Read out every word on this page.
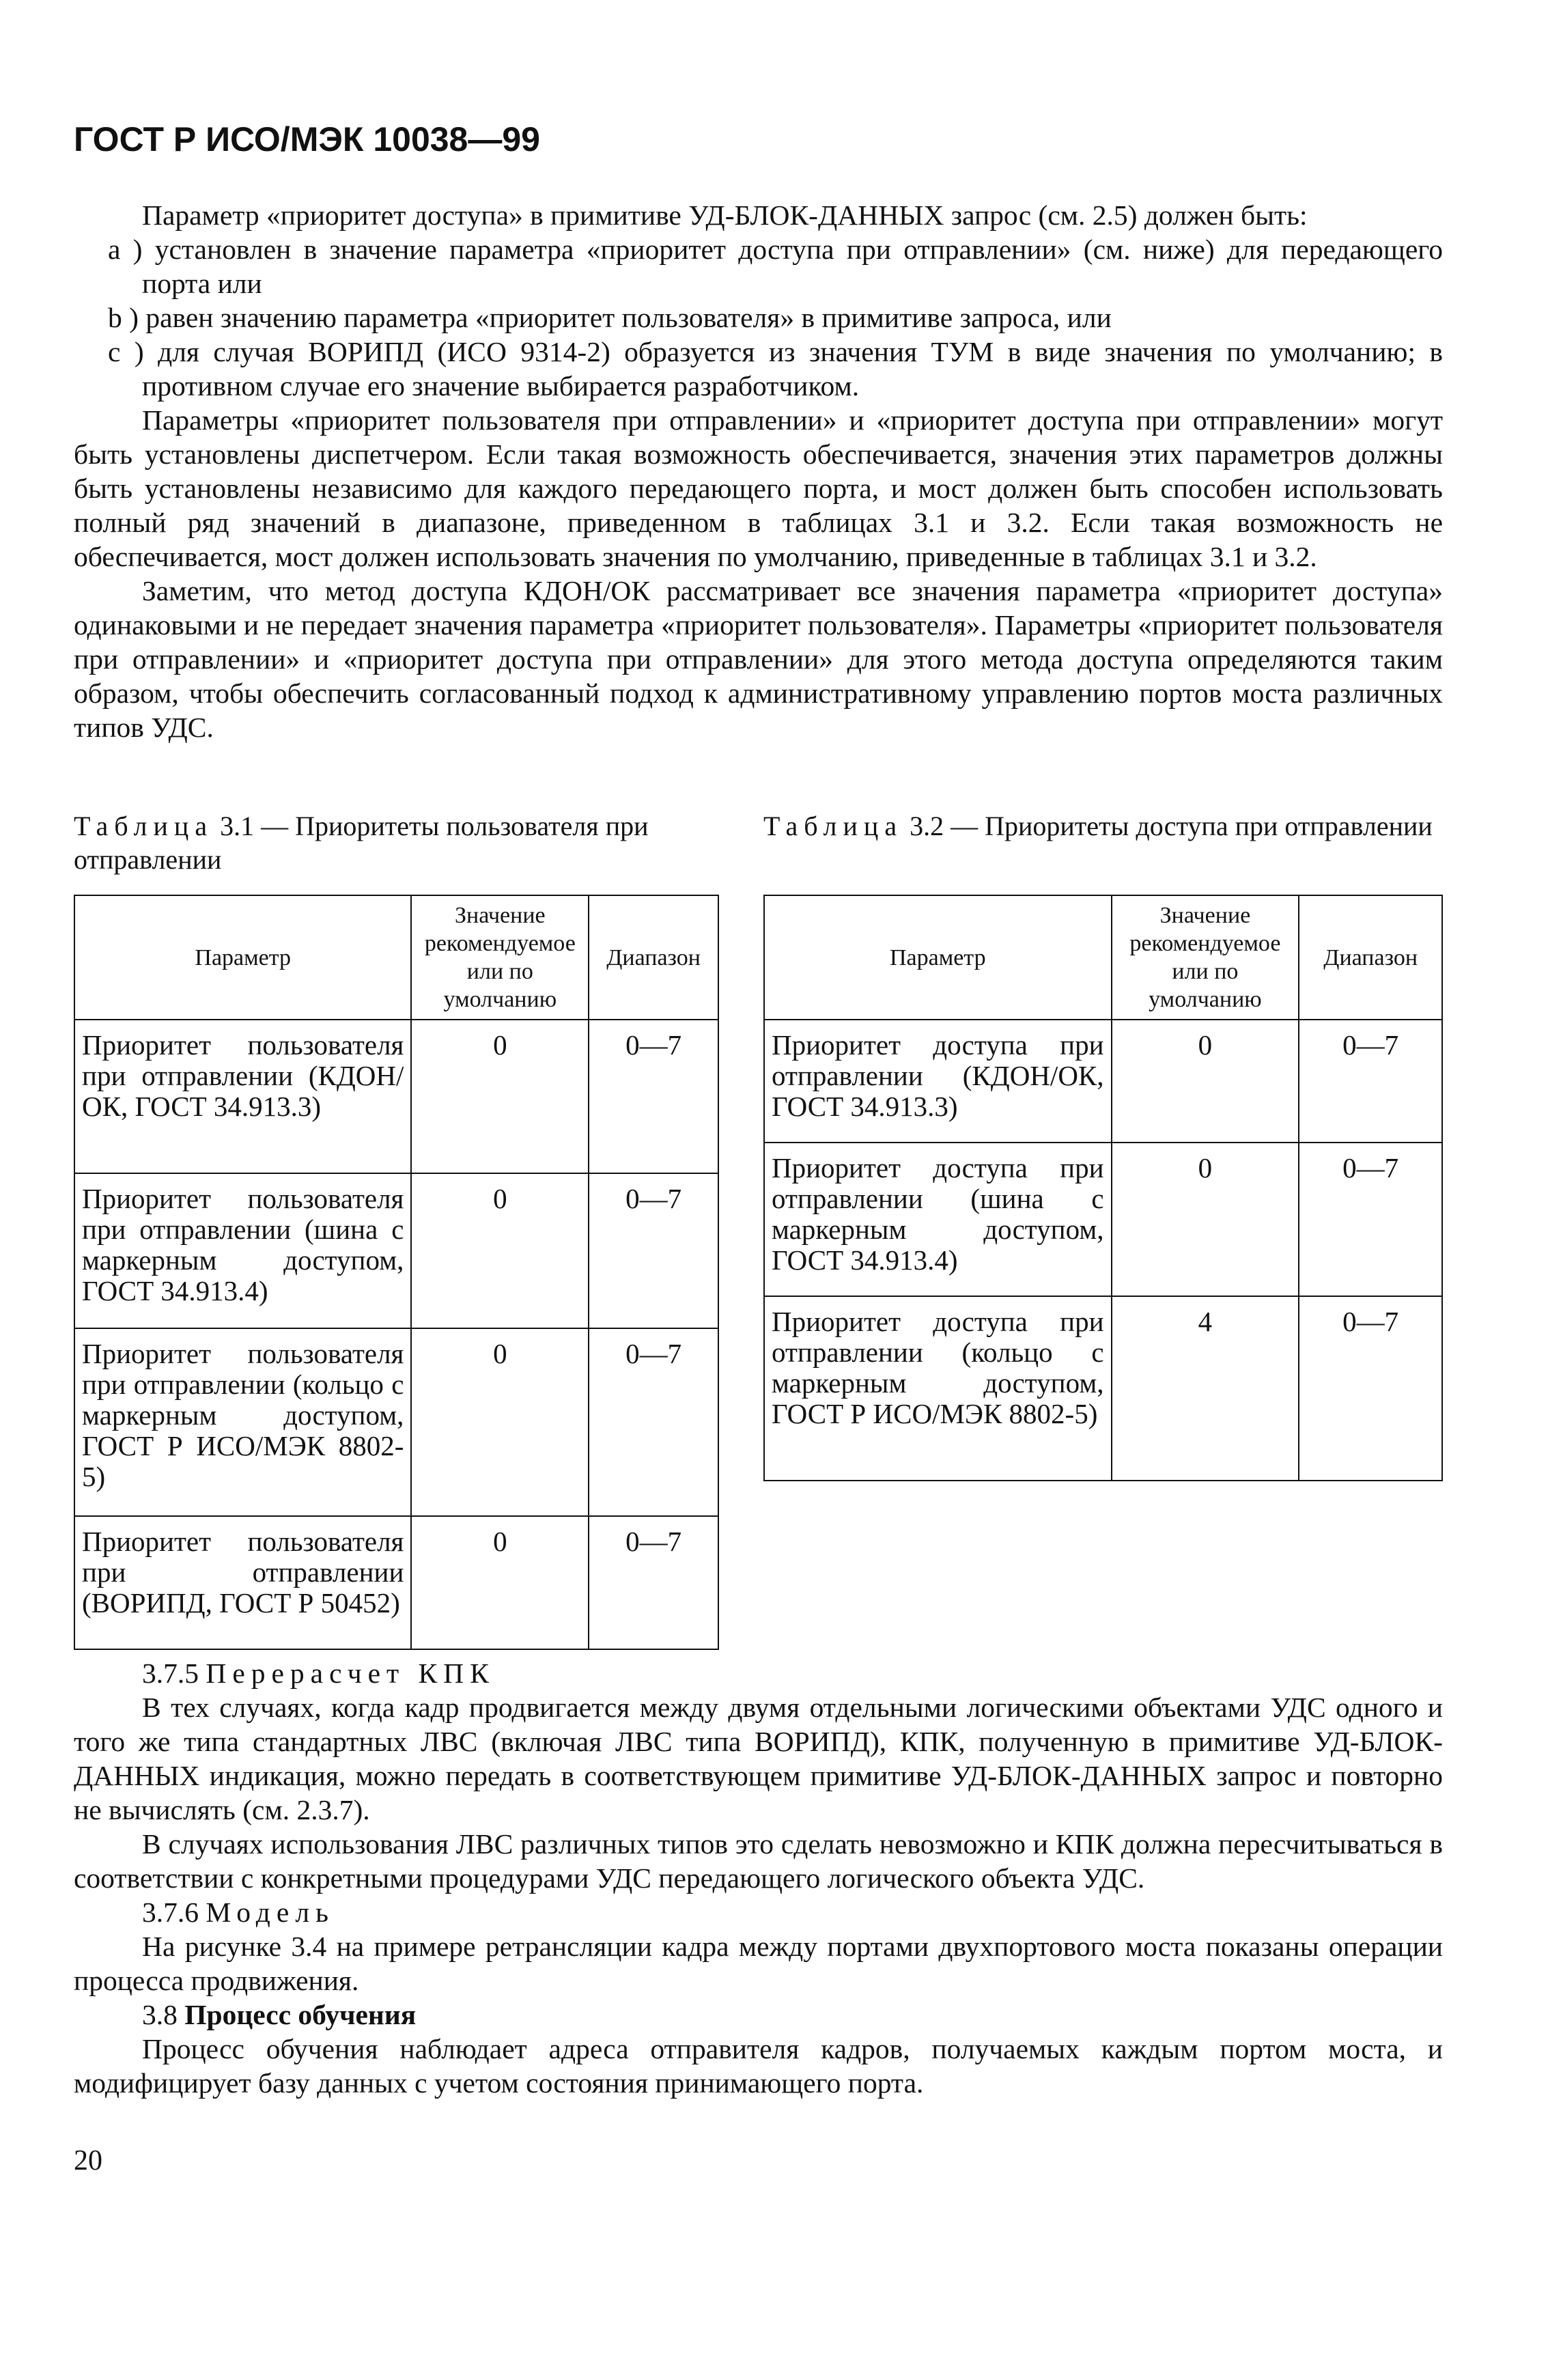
ГОСТ Р ИСО/МЭК 10038—99

Параметр «приоритет доступа» в примитиве УД-БЛОК-ДАННЫХ запрос (см. 2.5) должен быть:

а ) установлен в значение параметра «приоритет доступа при отправлении» (см. ниже) для передающего порта или

b ) равен значению параметра «приоритет пользователя» в примитиве запроса, или

с ) для случая ВОРИПД (ИСО 9314-2) образуется из значения ТУМ в виде значения по умолчанию; в противном случае его значение выбирается разработчиком.

Параметры «приоритет пользователя при отправлении» и «приоритет доступа при отправлении» могут быть установлены диспетчером. Если такая возможность обеспечивается, значения этих параметров должны быть установлены независимо для каждого передающего порта, и мост должен быть способен использовать полный ряд значений в диапазоне, приведенном в таблицах 3.1 и 3.2. Если такая возможность не обеспечивается, мост должен использовать значения по умолчанию, приведенные в таблицах 3.1 и 3.2.

Заметим, что метод доступа КДОН/ОК рассматривает все значения параметра «приоритет доступа» одинаковыми и не передает значения параметра «приоритет пользователя». Параметры «приоритет пользователя при отправлении» и «приоритет доступа при отправлении» для этого метода доступа определяются таким образом, чтобы обеспечить согласованный подход к административному управлению портов моста различных типов УДС.

Таблица 3.1 — Приоритеты пользователя при отправлении
Таблица 3.2 — Приоритеты доступа при отправлении
Параметр	Значение рекомендуемое или по умолчанию	Диапазон
Приоритет пользователя при отправлении (КДОН/ОК, ГОСТ 34.913.3)	0	0—7
Приоритет пользователя при отправлении (шина с маркерным доступом, ГОСТ 34.913.4)	0	0—7
Приоритет пользователя при отправлении (кольцо с маркерным доступом, ГОСТ Р ИСО/МЭК 8802-5)	0	0—7
Приоритет пользователя при отправлении (ВОРИПД, ГОСТ Р 50452)	0	0—7
Параметр	Значение рекомендуемое или по умолчанию	Диапазон
Приоритет доступа при отправлении (КДОН/ОК, ГОСТ 34.913.3)	0	0—7
Приоритет доступа при отправлении (шина с маркерным доступом, ГОСТ 34.913.4)	0	0—7
Приоритет доступа при отправлении (кольцо с маркерным доступом, ГОСТ Р ИСО/МЭК 8802-5)	4	0—7

3.7.5 Перерасчет КПК

В тех случаях, когда кадр продвигается между двумя отдельными логическими объектами УДС одного и того же типа стандартных ЛВС (включая ЛВС типа ВОРИПД), КПК, полученную в примитиве УД-БЛОК-ДАННЫХ индикация, можно передать в соответствующем примитиве УД-БЛОК-ДАННЫХ запрос и повторно не вычислять (см. 2.3.7).

В случаях использования ЛВС различных типов это сделать невозможно и КПК должна пересчитываться в соответствии с конкретными процедурами УДС передающего логического объекта УДС.

3.7.6 Модель

На рисунке 3.4 на примере ретрансляции кадра между портами двухпортового моста показаны операции процесса продвижения.

3.8 Процесс обучения

Процесс обучения наблюдает адреса отправителя кадров, получаемых каждым портом моста, и модифицирует базу данных с учетом состояния принимающего порта.

20
